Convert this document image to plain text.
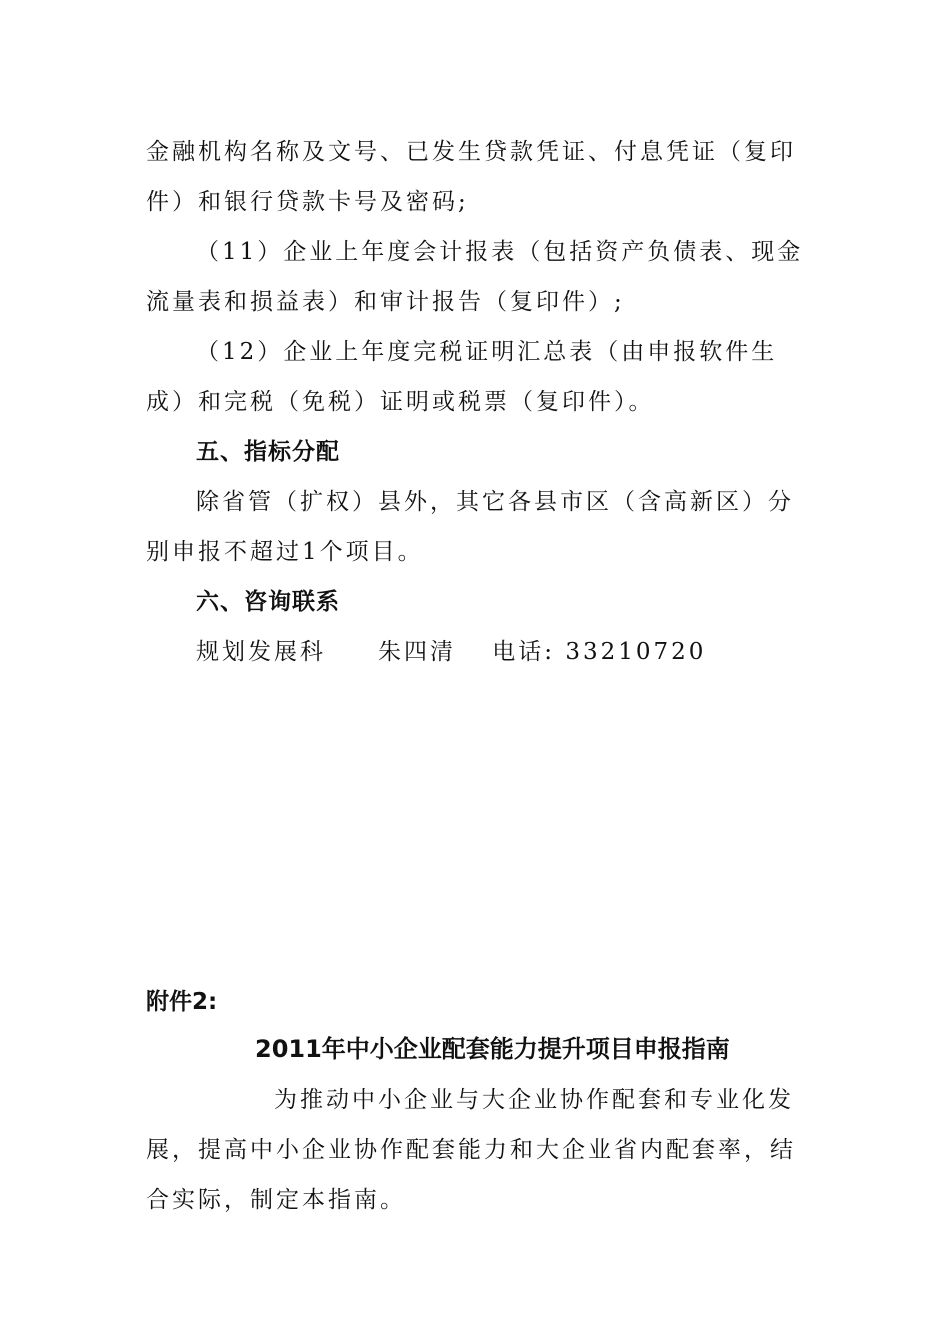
金融机构名称及文号、已发生贷款凭证、付息凭证（复印
件）和银行贷款卡号及密码;
（11）企业上年度会计报表（包括资产负债表、现金
流量表和损益表）和审计报告（复印件）;
（12）企业上年度完税证明汇总表（由申报软件生
成）和完税（免税）证明或税票（复印件）。
五、指标分配
除省管（扩权）县外，其它各县市区（含高新区）分
别申报不超过1个项目。
六、咨询联系
规划发展科　　朱四清　 电话: 33210720
附件2:
2011年中小企业配套能力提升项目申报指南
为推动中小企业与大企业协作配套和专业化发
展，提高中小企业协作配套能力和大企业省内配套率，结
合实际，制定本指南。
